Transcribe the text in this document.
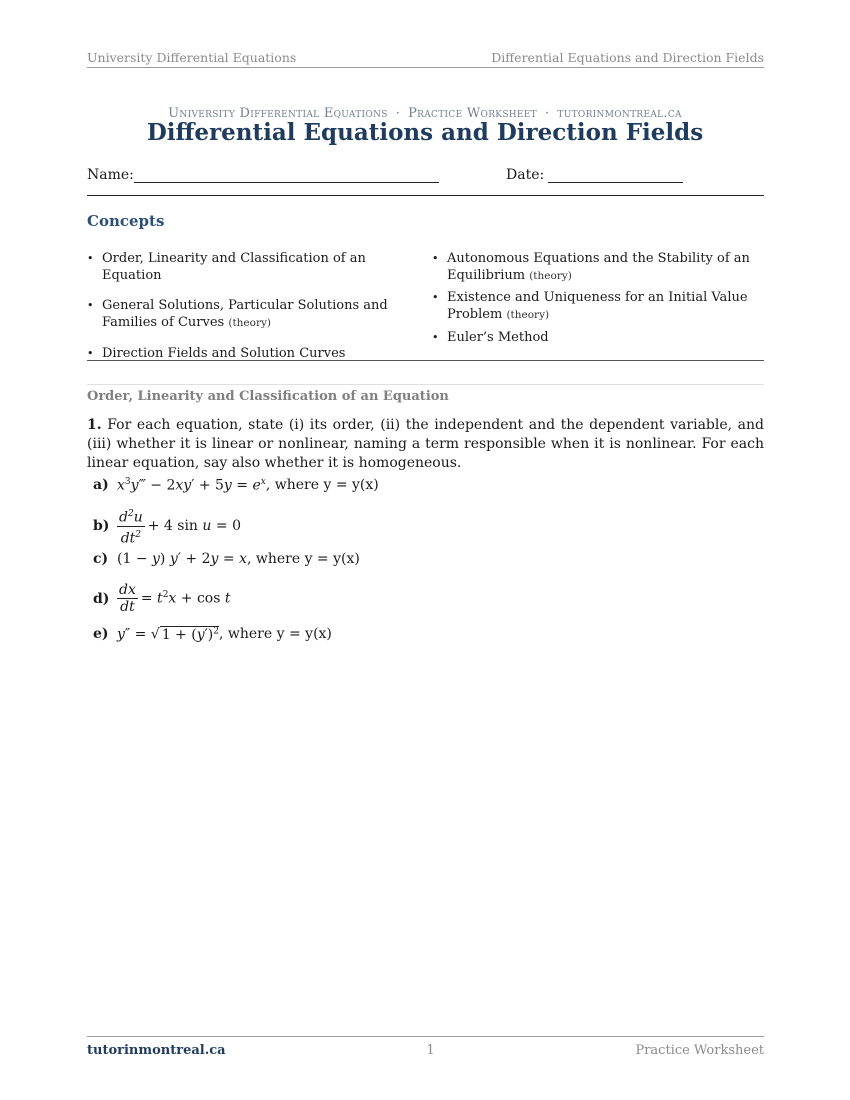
University Differential Equations	Differential Equations and Direction Fields
University Differential Equations · Practice Worksheet · tutorinmontreal.ca
Differential Equations and Direction Fields
Name:	Date:
Concepts
• Order, Linearity and Classification of an Equation
• General Solutions, Particular Solutions and Families of Curves (theory)
• Direction Fields and Solution Curves
• Autonomous Equations and the Stability of an Equilibrium (theory)
• Existence and Uniqueness for an Initial Value Problem (theory)
• Euler’s Method
Order, Linearity and Classification of an Equation
1. For each equation, state (i) its order, (ii) the independent and the dependent variable, and (iii) whether it is linear or nonlinear, naming a term responsible when it is nonlinear. For each linear equation, say also whether it is homogeneous.
a) $x^3y‴ - 2xy' + 5y = e^x$ , where y = y(x)
$b) \frac{d^2u}{dt^2} + 4$ sin u = 0
c) (1 − y) y′ + 2y = x , where y = y(x)
$d) \frac{dx}{dt} = t^2x + \cos t$
e) y″ = √ $1 + (y')^2$ , where y = y(x)
tutorinmontreal.ca	1	Practice Worksheet
